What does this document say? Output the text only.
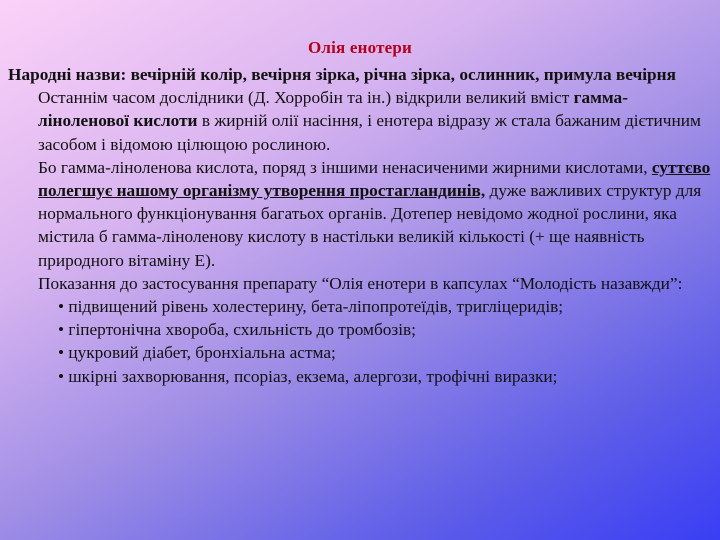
Олія енотери

Народні назви: вечірній колір, вечірня зірка, річна зірка, ослинник, примула вечірня

Останнім часом дослідники (Д. Хорробін та ін.) відкрили великий вміст гамма-ліноленової кислоти в жирній олії насіння, і енотера відразу ж стала бажаним дієтичним засобом і відомою цілющою рослиною.

Бо гамма-ліноленова кислота, поряд з іншими ненасиченими жирними кислотами, суттєво полегшує нашому організму утворення простагландинів, дуже важливих структур для нормального функціонування багатьох органів. Дотепер невідомо жодної рослини, яка містила б гамма-ліноленову кислоту в настільки великій кількості (+ ще наявність природного вітаміну Е).

Показання до застосування препарату “Олія енотери в капсулах “Молодість назавжди”:

• підвищений рівень холестерину, бета-ліпопротеїдів, тригліцеридів;
• гіпертонічна хвороба, схильність до тромбозів;
• цукровий діабет, бронхіальна астма;
• шкірні захворювання, псоріаз, екзема, алергози, трофічні виразки;
